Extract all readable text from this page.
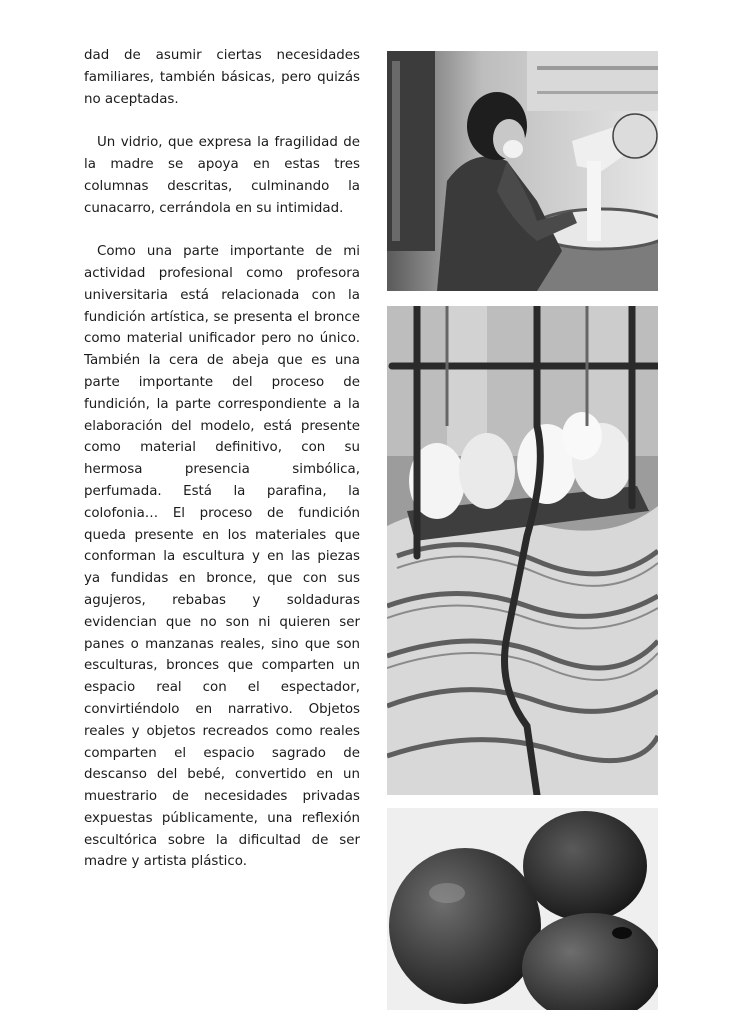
dad de asumir ciertas necesidades familiares, también básicas, pero quizás no aceptadas.

Un vidrio, que expresa la fragilidad de la madre se apoya en estas tres columnas descritas, culminando la cunacarro, cerrándola en su intimidad.

Como una parte importante de mi actividad profesional como profesora universitaria está relacionada con la fundición artística, se presenta el bronce como material unificador pero no único. También la cera de abeja que es una parte importante del proceso de fundición, la parte correspondiente a la elaboración del modelo, está presente como material definitivo, con su hermosa presencia simbólica, perfumada. Está la parafina, la colofonia… El proceso de fundición queda presente en los materiales que conforman la escultura y en las piezas ya fundidas en bronce, que con sus agujeros, rebabas y soldaduras evidencian que no son ni quieren ser panes o manzanas reales, sino que son esculturas, bronces que comparten un espacio real con el espectador, convirtiéndolo en narrativo. Objetos reales y objetos recreados como reales comparten el espacio sagrado de descanso del bebé, convertido en un muestrario de necesidades privadas expuestas públicamente, una reflexión escultórica sobre la dificultad de ser madre y artista plástico.
